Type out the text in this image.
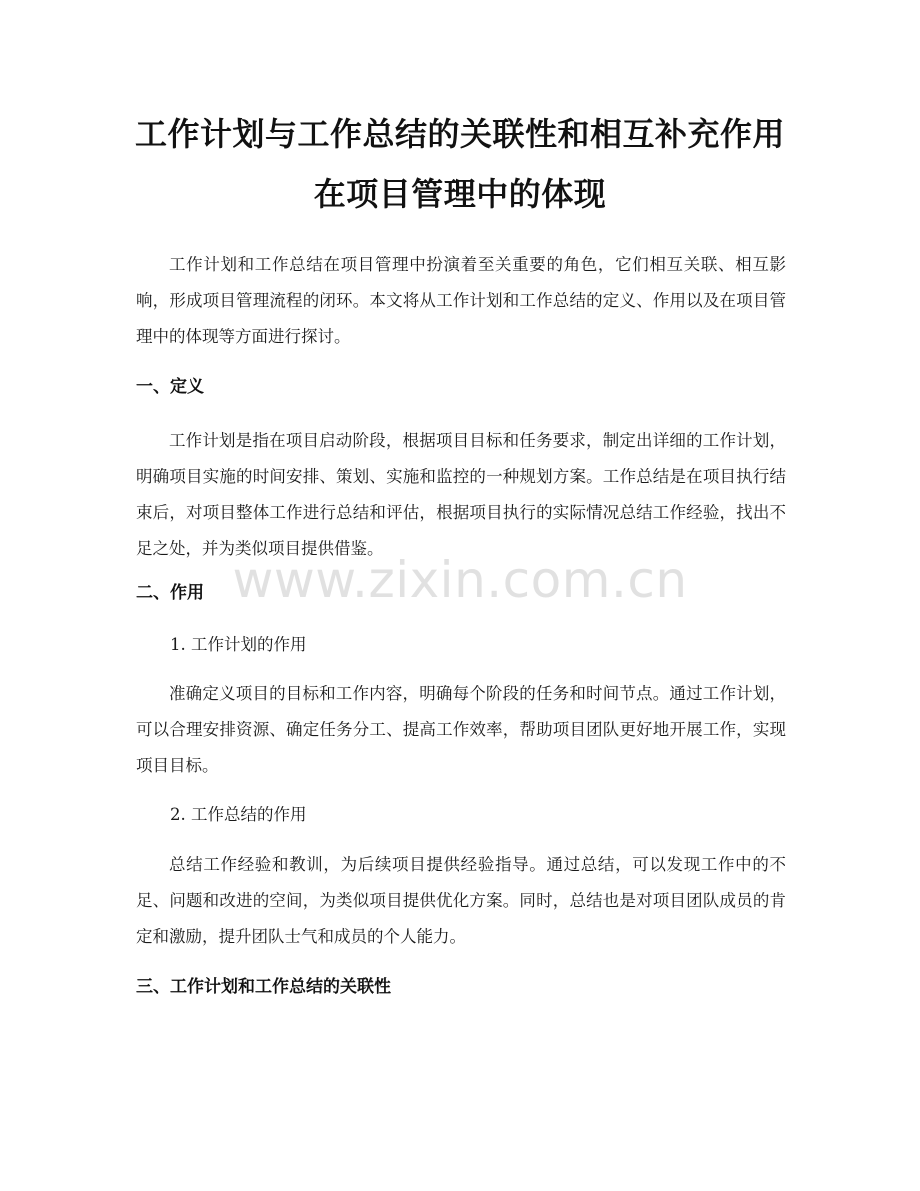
工作计划与工作总结的关联性和相互补充作用在项目管理中的体现

工作计划和工作总结在项目管理中扮演着至关重要的角色，它们相互关联、相互影响，形成项目管理流程的闭环。本文将从工作计划和工作总结的定义、作用以及在项目管理中的体现等方面进行探讨。

一、定义

工作计划是指在项目启动阶段，根据项目目标和任务要求，制定出详细的工作计划，明确项目实施的时间安排、策划、实施和监控的一种规划方案。工作总结是在项目执行结束后，对项目整体工作进行总结和评估，根据项目执行的实际情况总结工作经验，找出不足之处，并为类似项目提供借鉴。

二、作用
1. 工作计划的作用

准确定义项目的目标和工作内容，明确每个阶段的任务和时间节点。通过工作计划，可以合理安排资源、确定任务分工、提高工作效率，帮助项目团队更好地开展工作，实现项目目标。

2. 工作总结的作用

总结工作经验和教训，为后续项目提供经验指导。通过总结，可以发现工作中的不足、问题和改进的空间，为类似项目提供优化方案。同时，总结也是对项目团队成员的肯定和激励，提升团队士气和成员的个人能力。

三、工作计划和工作总结的关联性
www.zixin.com.cn
